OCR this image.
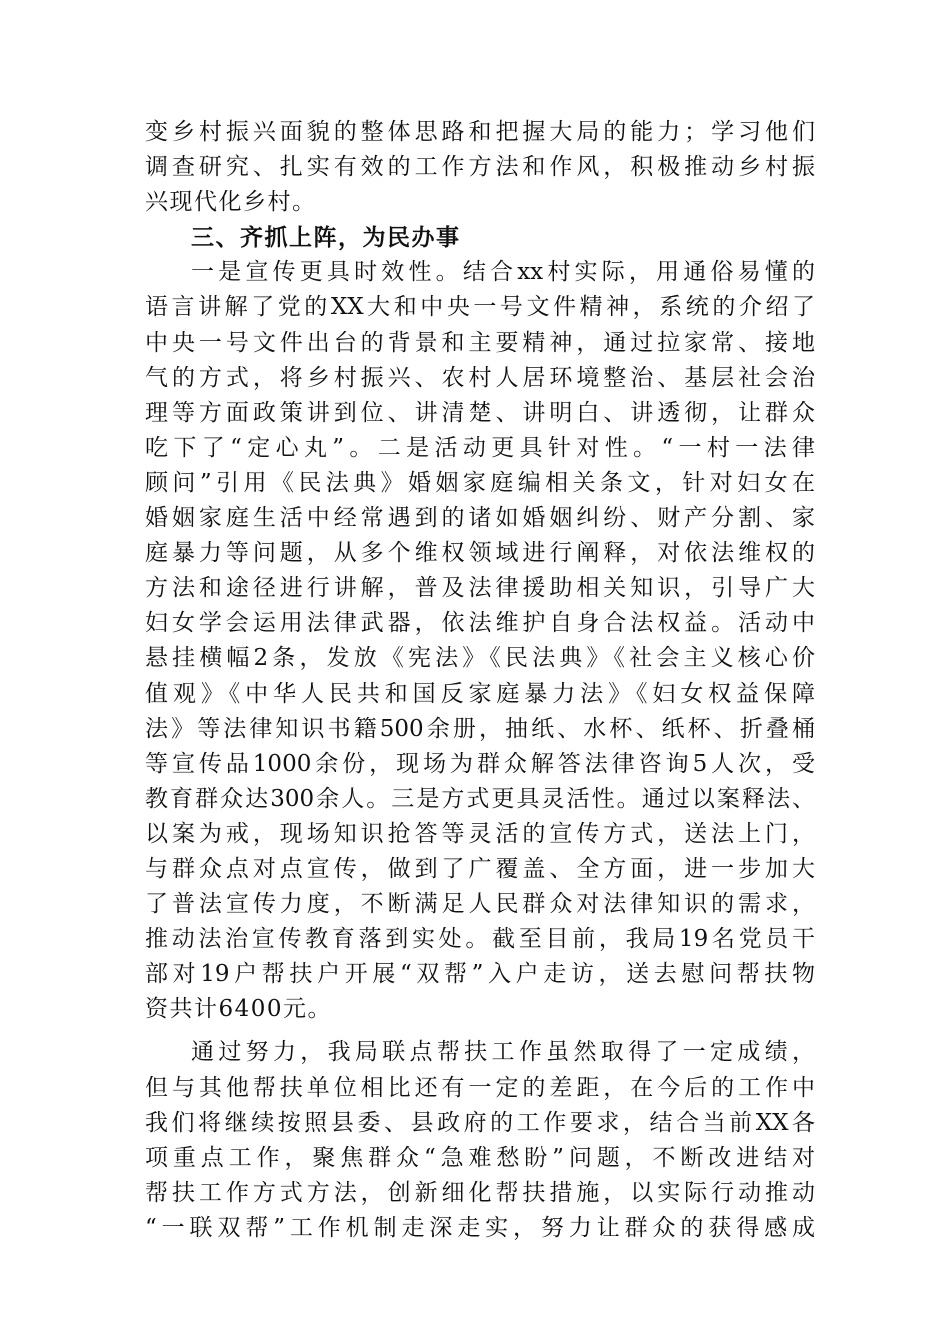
变乡村振兴面貌的整体思路和把握大局的能力；学习他们
调查研究、扎实有效的工作方法和作风，积极推动乡村振
兴现代化乡村。
三、齐抓上阵，为民办事
一是宣传更具时效性。结合xx村实际，用通俗易懂的
语言讲解了党的XX大和中央一号文件精神，系统的介绍了
中央一号文件出台的背景和主要精神，通过拉家常、接地
气的方式，将乡村振兴、农村人居环境整治、基层社会治
理等方面政策讲到位、讲清楚、讲明白、讲透彻，让群众
吃下了“定心丸”。二是活动更具针对性。“一村一法律
顾问”引用《民法典》婚姻家庭编相关条文，针对妇女在
婚姻家庭生活中经常遇到的诸如婚姻纠纷、财产分割、家
庭暴力等问题，从多个维权领域进行阐释，对依法维权的
方法和途径进行讲解，普及法律援助相关知识，引导广大
妇女学会运用法律武器，依法维护自身合法权益。活动中
悬挂横幅2条，发放《宪法》《民法典》《社会主义核心价
值观》《中华人民共和国反家庭暴力法》《妇女权益保障
法》等法律知识书籍500余册，抽纸、水杯、纸杯、折叠桶
等宣传品1000余份，现场为群众解答法律咨询5人次，受
教育群众达300余人。三是方式更具灵活性。通过以案释法、
以案为戒，现场知识抢答等灵活的宣传方式，送法上门，
与群众点对点宣传，做到了广覆盖、全方面，进一步加大
了普法宣传力度，不断满足人民群众对法律知识的需求，
推动法治宣传教育落到实处。截至目前，我局19名党员干
部对19户帮扶户开展“双帮”入户走访，送去慰问帮扶物
资共计6400元。
通过努力，我局联点帮扶工作虽然取得了一定成绩，
但与其他帮扶单位相比还有一定的差距，在今后的工作中
我们将继续按照县委、县政府的工作要求，结合当前XX各
项重点工作，聚焦群众“急难愁盼”问题，不断改进结对
帮扶工作方式方法，创新细化帮扶措施，以实际行动推动
“一联双帮”工作机制走深走实，努力让群众的获得感成
